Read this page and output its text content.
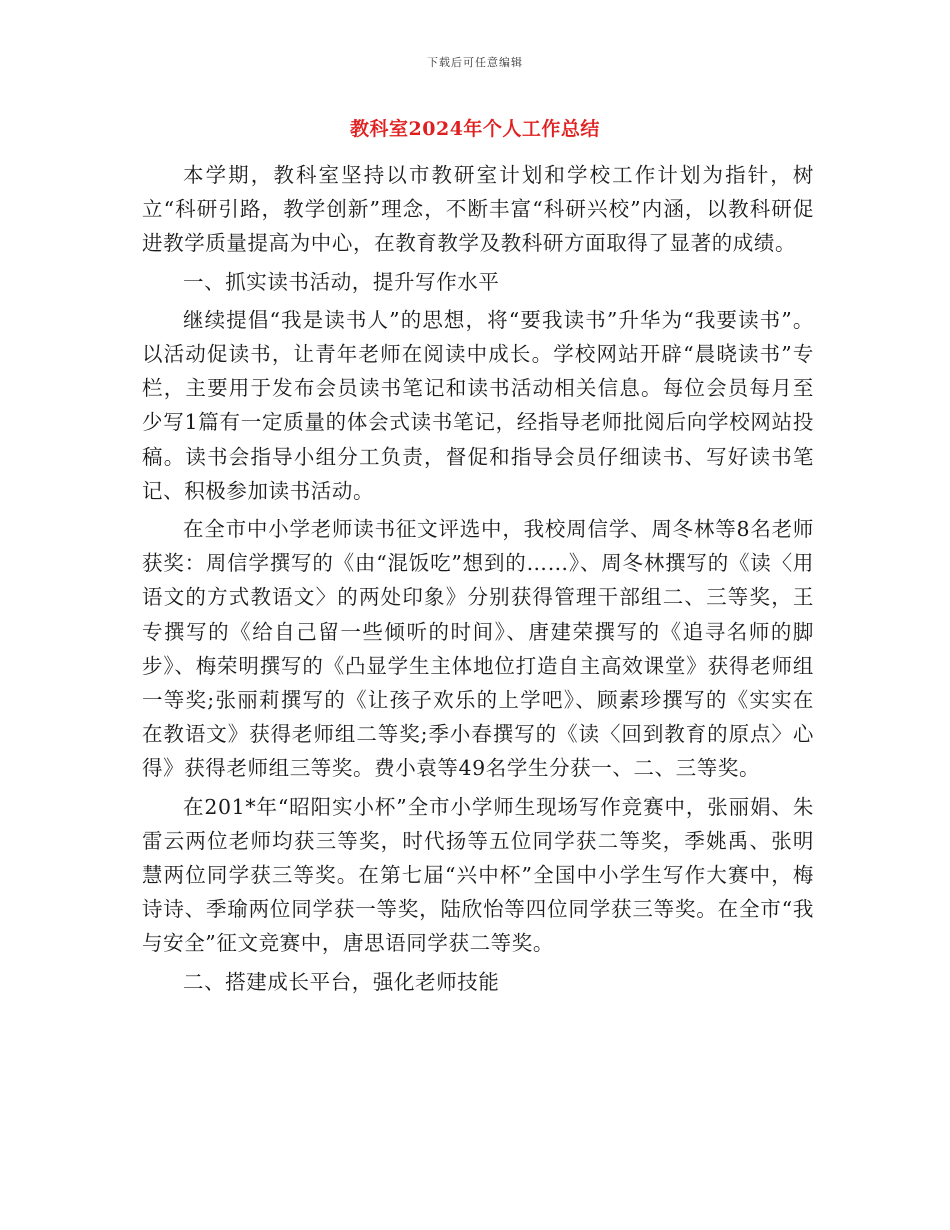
下载后可任意编辑
教科室2024年个人工作总结

本学期，教科室坚持以市教研室计划和学校工作计划为指针，树立“科研引路，教学创新”理念，不断丰富“科研兴校”内涵，以教科研促进教学质量提高为中心，在教育教学及教科研方面取得了显著的成绩。

一、抓实读书活动，提升写作水平

继续提倡“我是读书人”的思想，将“要我读书”升华为“我要读书”。以活动促读书，让青年老师在阅读中成长。学校网站开辟“晨晓读书”专栏，主要用于发布会员读书笔记和读书活动相关信息。每位会员每月至少写1篇有一定质量的体会式读书笔记，经指导老师批阅后向学校网站投稿。读书会指导小组分工负责，督促和指导会员仔细读书、写好读书笔记、积极参加读书活动。

在全市中小学老师读书征文评选中，我校周信学、周冬林等8名老师获奖：周信学撰写的《由“混饭吃”想到的……》、周冬林撰写的《读〈用语文的方式教语文〉的两处印象》分别获得管理干部组二、三等奖，王专撰写的《给自己留一些倾听的时间》、唐建荣撰写的《追寻名师的脚步》、梅荣明撰写的《凸显学生主体地位打造自主高效课堂》获得老师组一等奖;张丽莉撰写的《让孩子欢乐的上学吧》、顾素珍撰写的《实实在在教语文》获得老师组二等奖;季小春撰写的《读〈回到教育的原点〉心得》获得老师组三等奖。费小袁等49名学生分获一、二、三等奖。

在201*年“昭阳实小杯”全市小学师生现场写作竞赛中，张丽娟、朱雷云两位老师均获三等奖，时代扬等五位同学获二等奖，季姚禹、张明慧两位同学获三等奖。在第七届“兴中杯”全国中小学生写作大赛中，梅诗诗、季瑜两位同学获一等奖，陆欣怡等四位同学获三等奖。在全市“我与安全”征文竞赛中，唐思语同学获二等奖。

二、搭建成长平台，强化老师技能
